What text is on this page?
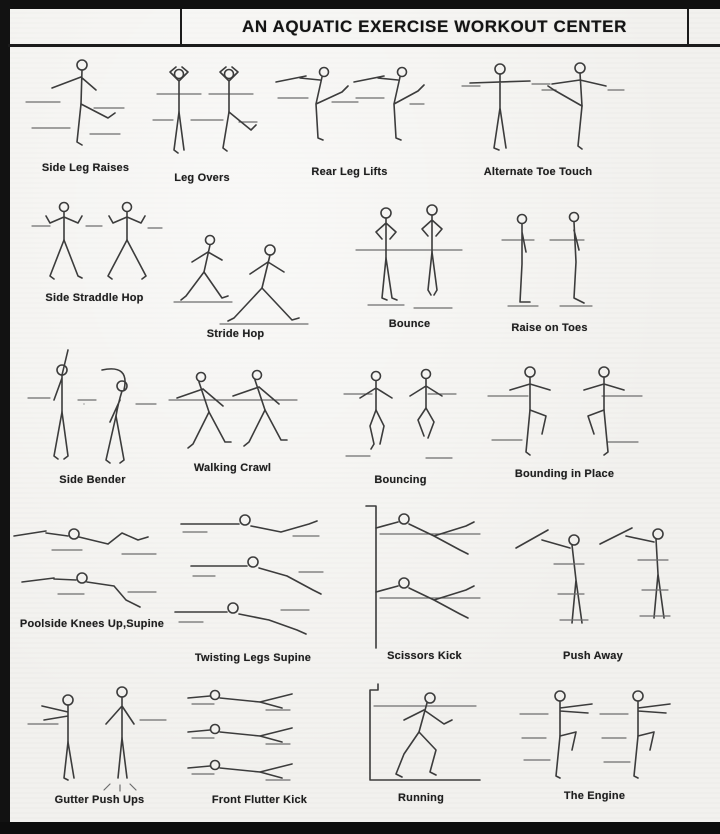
AN AQUATIC EXERCISE WORKOUT CENTER
Side Leg Raises
Leg Overs	Rear Leg Lifts	Alternate Toe Touch
Side Straddle Hop
Stride Hop
Bounce	Raise on Toes
Side Bender
Walking Crawl
Bouncing	Bounding in Place
Poolside Knees Up,Supine
Twisting Legs Supine	Scissors Kick	Push Away
Gutter Push Ups	Front Flutter Kick	Running	The Engine
